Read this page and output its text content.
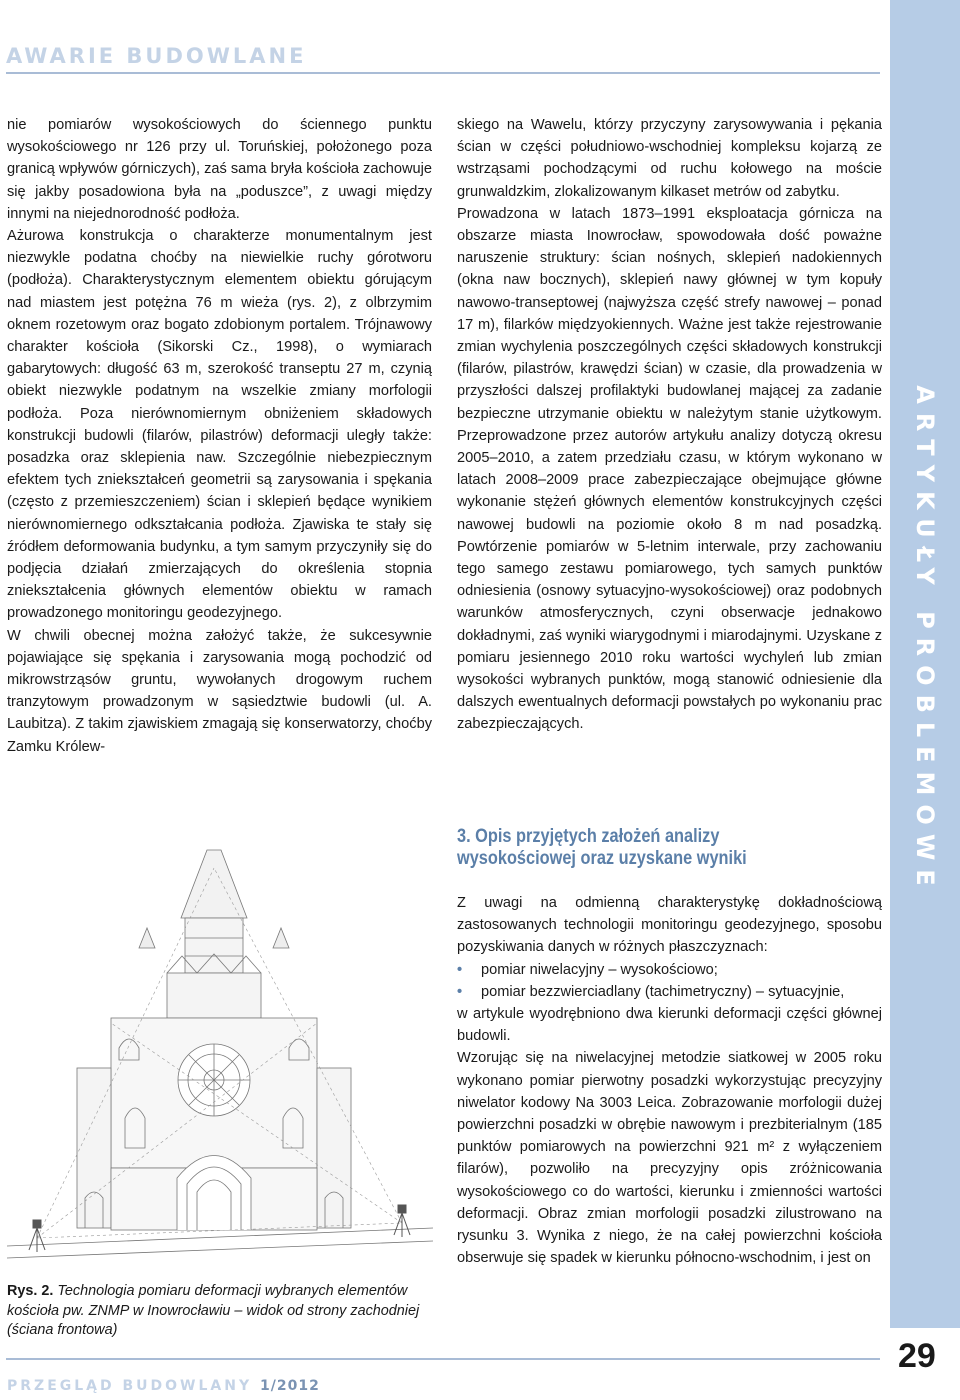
AWARIE BUDOWLANE
ARTYKUŁY PROBLEMOWE

nie pomiarów wysokościowych do ściennego punktu wysokościowego nr 126 przy ul. Toruńskiej, położonego poza granicą wpływów górniczych), zaś sama bryła kościoła zachowuje się jakby posadowiona była na „poduszce”, z uwagi między innymi na niejednorodność podłoża.

Ażurowa konstrukcja o charakterze monumentalnym jest niezwykle podatna choćby na niewielkie ruchy górotworu (podłoża). Charakterystycznym elementem obiektu górującym nad miastem jest potężna 76 m wieża (rys. 2), z olbrzymim oknem rozetowym oraz bogato zdobionym portalem. Trójnawowy charakter kościoła (Sikorski Cz., 1998), o wymiarach gabarytowych: długość 63 m, szerokość transeptu 27 m, czynią obiekt niezwykle podatnym na wszelkie zmiany morfologii podłoża. Poza nierównomiernym obniżeniem składowych konstrukcji budowli (filarów, pilastrów) deformacji uległy także: posadzka oraz sklepienia naw. Szczególnie niebezpiecznym efektem tych zniekształceń geometrii są zarysowania i spękania (często z przemieszczeniem) ścian i sklepień będące wynikiem nierównomiernego odkształcania podłoża. Zjawiska te stały się źródłem deformowania budynku, a tym samym przyczyniły się do podjęcia działań zmierzających do określenia stopnia zniekształcenia głównych elementów obiektu w ramach prowadzonego monitoringu geodezyjnego.

W chwili obecnej można założyć także, że sukcesywnie pojawiające się spękania i zarysowania mogą pochodzić od mikrowstrząsów gruntu, wywołanych drogowym ruchem tranzytowym prowadzonym w sąsiedztwie budowli (ul. A. Laubitza). Z takim zjawiskiem zmagają się konserwatorzy, choćby Zamku Królew-

Rys. 2. Technologia pomiaru deformacji wybranych elementów kościoła pw. ZNMP w Inowrocławiu – widok od strony zachodniej (ściana frontowa)

skiego na Wawelu, którzy przyczyny zarysowywania i pękania ścian w części południowo-wschodniej kompleksu kojarzą ze wstrząsami pochodzącymi od ruchu kołowego na moście grunwaldzkim, zlokalizowanym kilkaset metrów od zabytku.

Prowadzona w latach 1873–1991 eksploatacja górnicza na obszarze miasta Inowrocław, spowodowała dość poważne naruszenie struktury: ścian nośnych, sklepień nadokiennych (okna naw bocznych), sklepień nawy głównej w tym kopuły nawowo-transeptowej (najwyższa część strefy nawowej – ponad 17 m), filarków międzyokiennych. Ważne jest także rejestrowanie zmian wychylenia poszczególnych części składowych konstrukcji (filarów, pilastrów, krawędzi ścian) w czasie, dla prowadzenia w przyszłości dalszej profilaktyki budowlanej mającej za zadanie bezpieczne utrzymanie obiektu w należytym stanie użytkowym. Przeprowadzone przez autorów artykułu analizy dotyczą okresu 2005–2010, a zatem przedziału czasu, w którym wykonano w latach 2008–2009 prace zabezpieczające obejmujące główne wykonanie stężeń głównych elementów konstrukcyjnych części nawowej budowli na poziomie około 8 m nad posadzką. Powtórzenie pomiarów w 5-letnim interwale, przy zachowaniu tego samego zestawu pomiarowego, tych samych punktów odniesienia (osnowy sytuacyjno-wysokościowej) oraz podobnych warunków atmosferycznych, czyni obserwacje jednakowo dokładnymi, zaś wyniki wiarygodnymi i miarodajnymi. Uzyskane z pomiaru jesiennego 2010 roku wartości wychyleń lub zmian wysokości wybranych punktów, mogą stanowić odniesienie dla dalszych ewentualnych deformacji powstałych po wykonaniu prac zabezpieczających.

3. Opis przyjętych założeń analizy
wysokościowej oraz uzyskane wyniki

Z uwagi na odmienną charakterystykę dokładnościową zastosowanych technologii monitoringu geodezyjnego, sposobu pozyskiwania danych w różnych płaszczyznach:

•	pomiar niwelacyjny – wysokościowo;
•	pomiar bezzwierciadlany (tachimetryczny) – sytuacyjnie,

w artykule wyodrębniono dwa kierunki deformacji części głównej budowli.

Wzorując się na niwelacyjnej metodzie siatkowej w 2005 roku wykonano pomiar pierwotny posadzki wykorzystując precyzyjny niwelator kodowy Na 3003 Leica. Zobrazowanie morfologii dużej powierzchni posadzki w obrębie nawowym i prezbiterialnym (185 punktów pomiarowych na powierzchni 921 m² z wyłączeniem filarów), pozwoliło na precyzyjny opis zróżnicowania wysokościowego co do wartości, kierunku i zmienności wartości deformacji. Obraz zmian morfologii posadzki zilustrowano na rysunku 3. Wynika z niego, że na całej powierzchni kościoła obserwuje się spadek w kierunku północno-wschodnim, i jest on

PRZEGLĄD BUDOWLANY 1/2012
29
